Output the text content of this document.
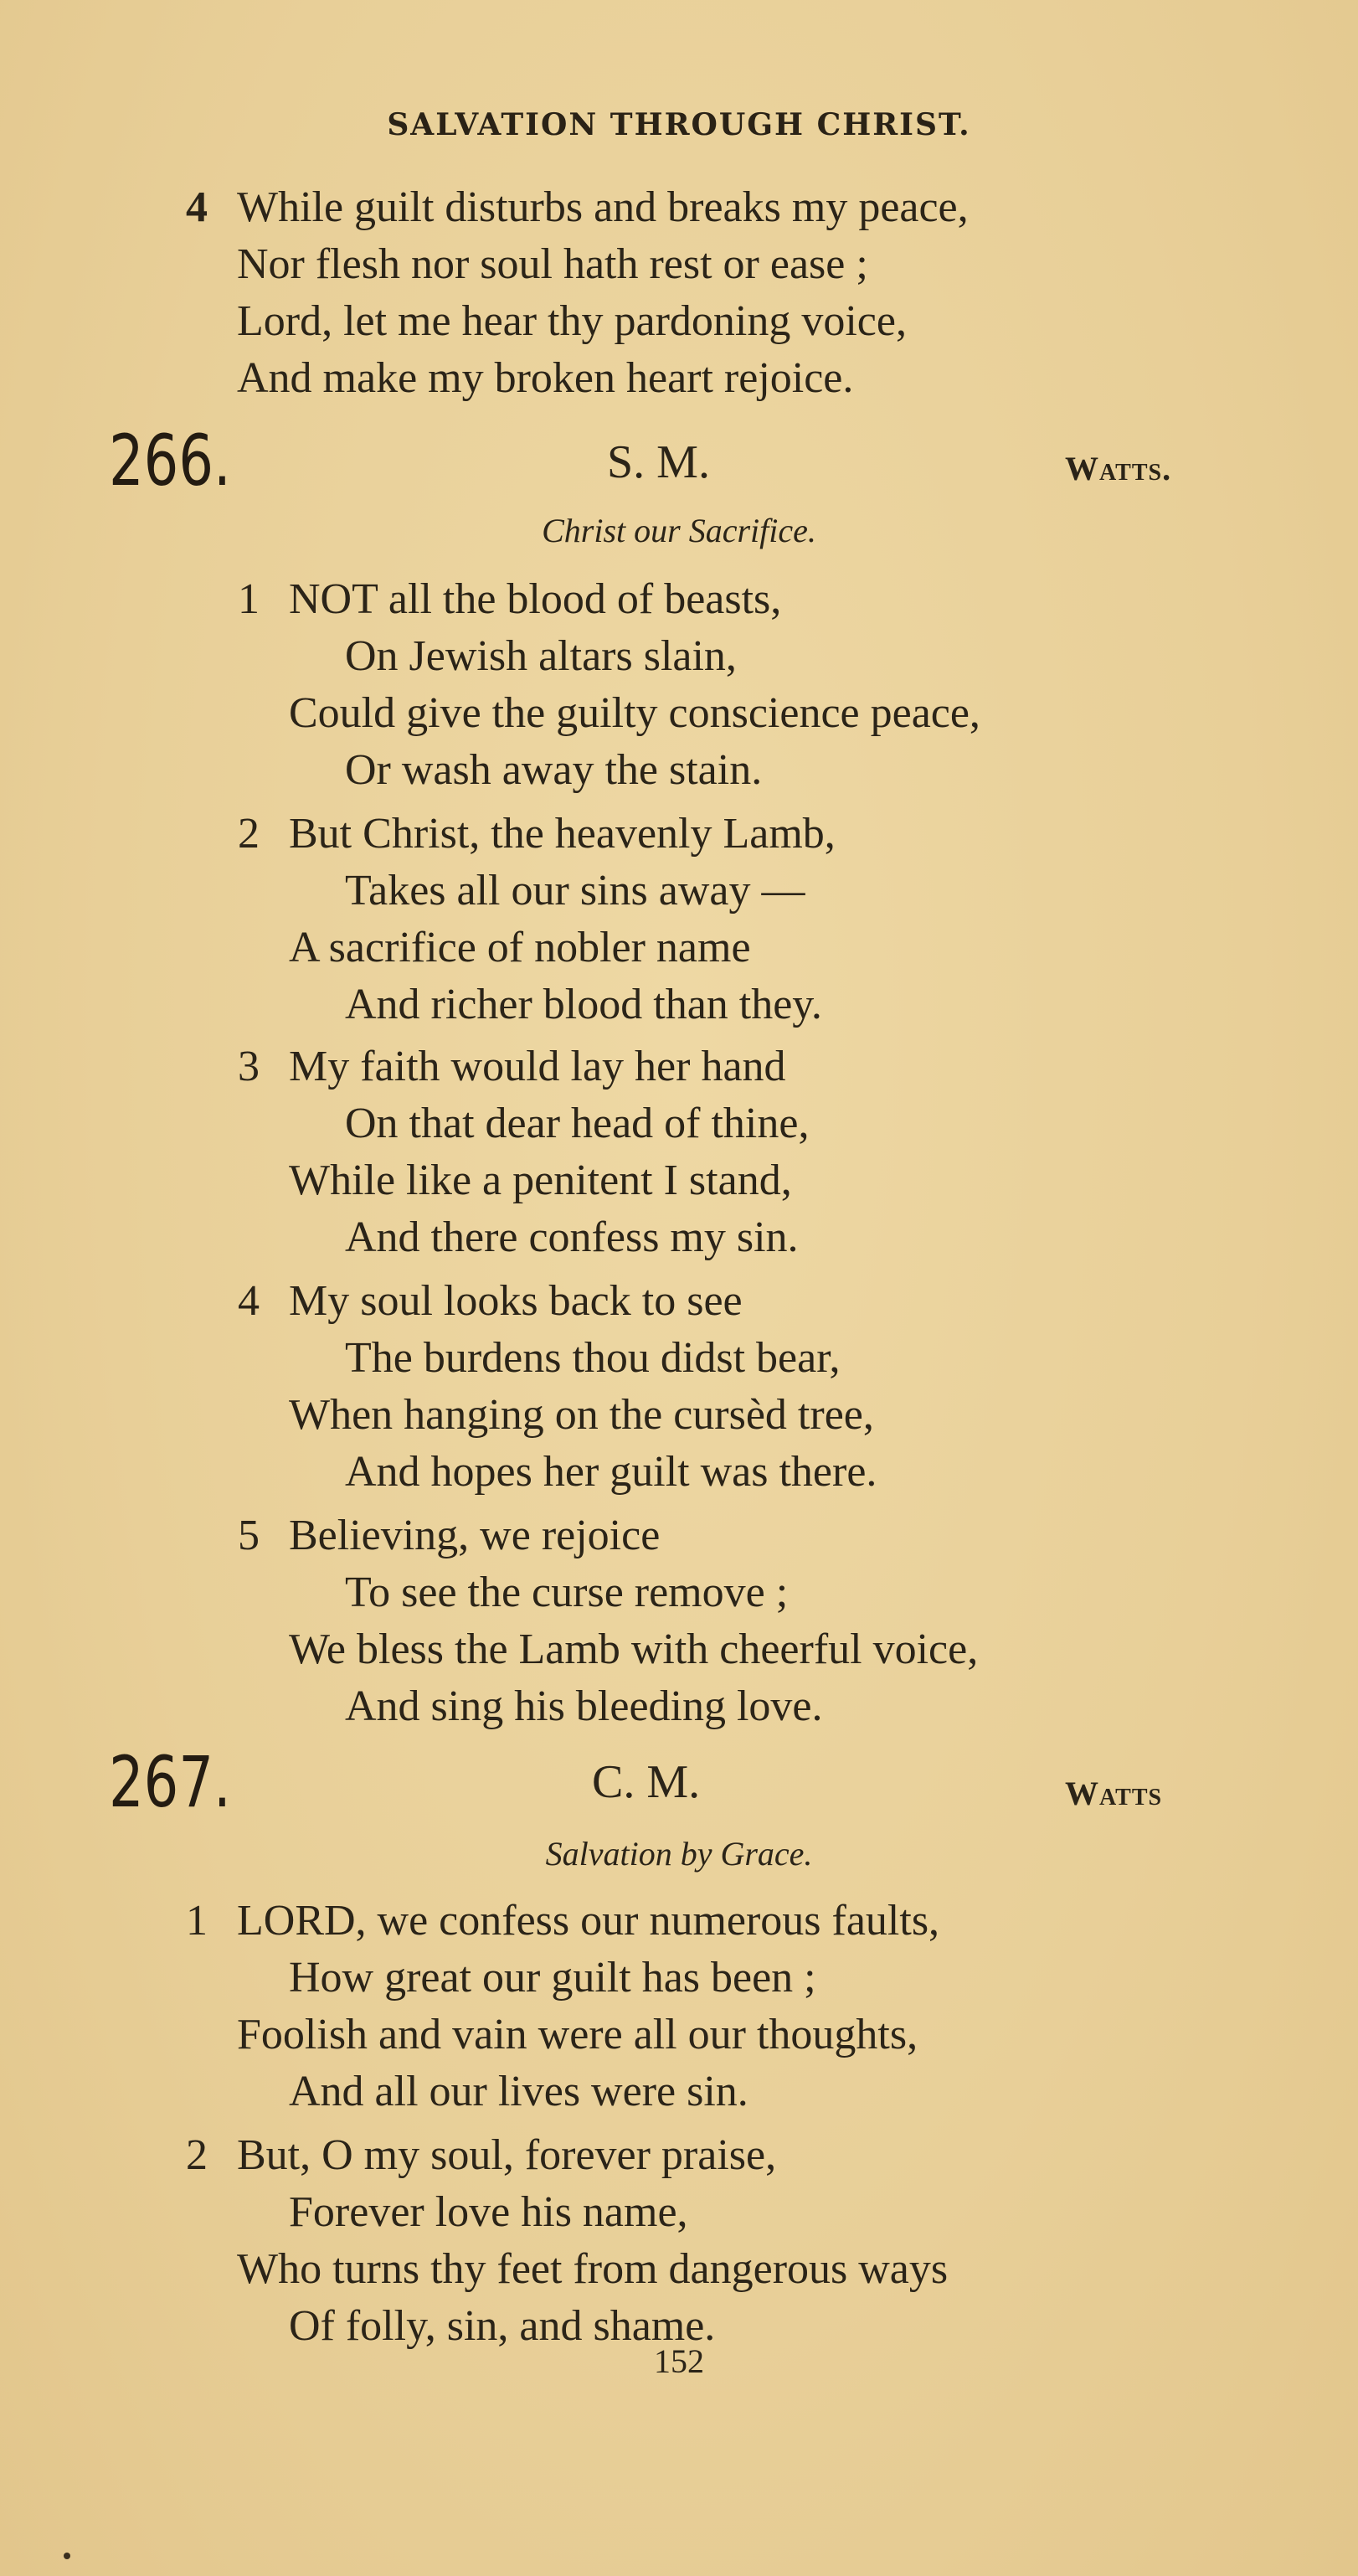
SALVATION THROUGH CHRIST.
4 While guilt disturbs and breaks my peace,
Nor flesh nor soul hath rest or ease ;
Lord, let me hear thy pardoning voice,
And make my broken heart rejoice.
266.	S. M.	Watts.
Christ our Sacrifice.
1 NOT all the blood of beasts,
On Jewish altars slain,
Could give the guilty conscience peace,
Or wash away the stain.
2 But Christ, the heavenly Lamb,
Takes all our sins away —
A sacrifice of nobler name
And richer blood than they.
3 My faith would lay her hand
On that dear head of thine,
While like a penitent I stand,
And there confess my sin.
4 My soul looks back to see
The burdens thou didst bear,
When hanging on the cursèd tree,
And hopes her guilt was there.
5 Believing, we rejoice
To see the curse remove ;
We bless the Lamb with cheerful voice,
And sing his bleeding love.
267.	C. M.	Watts
Salvation by Grace.
1 LORD, we confess our numerous faults,
How great our guilt has been ;
Foolish and vain were all our thoughts,
And all our lives were sin.
2 But, O my soul, forever praise,
Forever love his name,
Who turns thy feet from dangerous ways
Of folly, sin, and shame.
152
